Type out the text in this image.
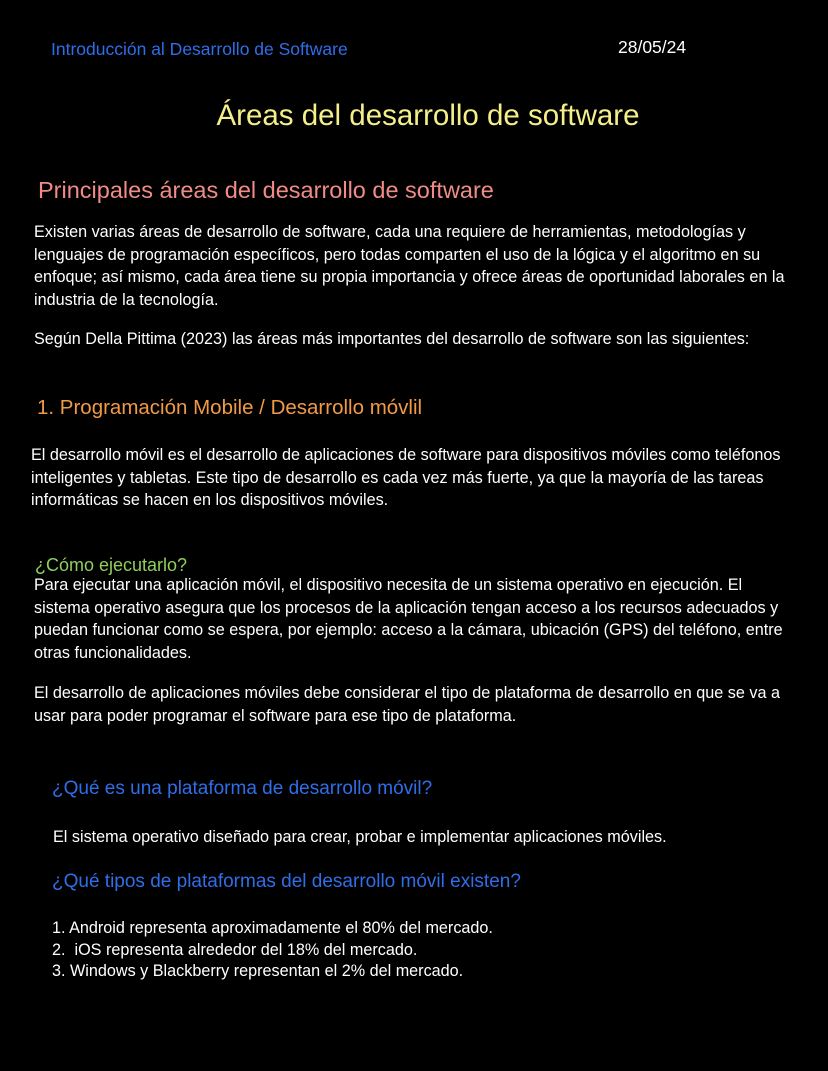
Introducción al Desarrollo de Software	28/05/24
Áreas del desarrollo de software
Principales áreas del desarrollo de software

Existen varias áreas de desarrollo de software, cada una requiere de herramientas, metodologías y lenguajes de programación específicos, pero todas comparten el uso de la lógica y el algoritmo en su enfoque; así mismo, cada área tiene su propia importancia y ofrece áreas de oportunidad laborales en la industria de la tecnología.

Según Della Pittima (2023) las áreas más importantes del desarrollo de software son las siguientes:

1. Programación Mobile / Desarrollo móvlil

El desarrollo móvil es el desarrollo de aplicaciones de software para dispositivos móviles como teléfonos inteligentes y tabletas. Este tipo de desarrollo es cada vez más fuerte, ya que la mayoría de las tareas informáticas se hacen en los dispositivos móviles.

¿Cómo ejecutarlo?

Para ejecutar una aplicación móvil, el dispositivo necesita de un sistema operativo en ejecución. El sistema operativo asegura que los procesos de la aplicación tengan acceso a los recursos adecuados y puedan funcionar como se espera, por ejemplo: acceso a la cámara, ubicación (GPS) del teléfono, entre otras funcionalidades.

El desarrollo de aplicaciones móviles debe considerar el tipo de plataforma de desarrollo en que se va a usar para poder programar el software para ese tipo de plataforma.

¿Qué es una plataforma de desarrollo móvil?

El sistema operativo diseñado para crear, probar e implementar aplicaciones móviles.

¿Qué tipos de plataformas del desarrollo móvil existen?
1. Android representa aproximadamente el 80% del mercado.
2.  iOS representa alrededor del 18% del mercado.
3. Windows y Blackberry representan el 2% del mercado.
